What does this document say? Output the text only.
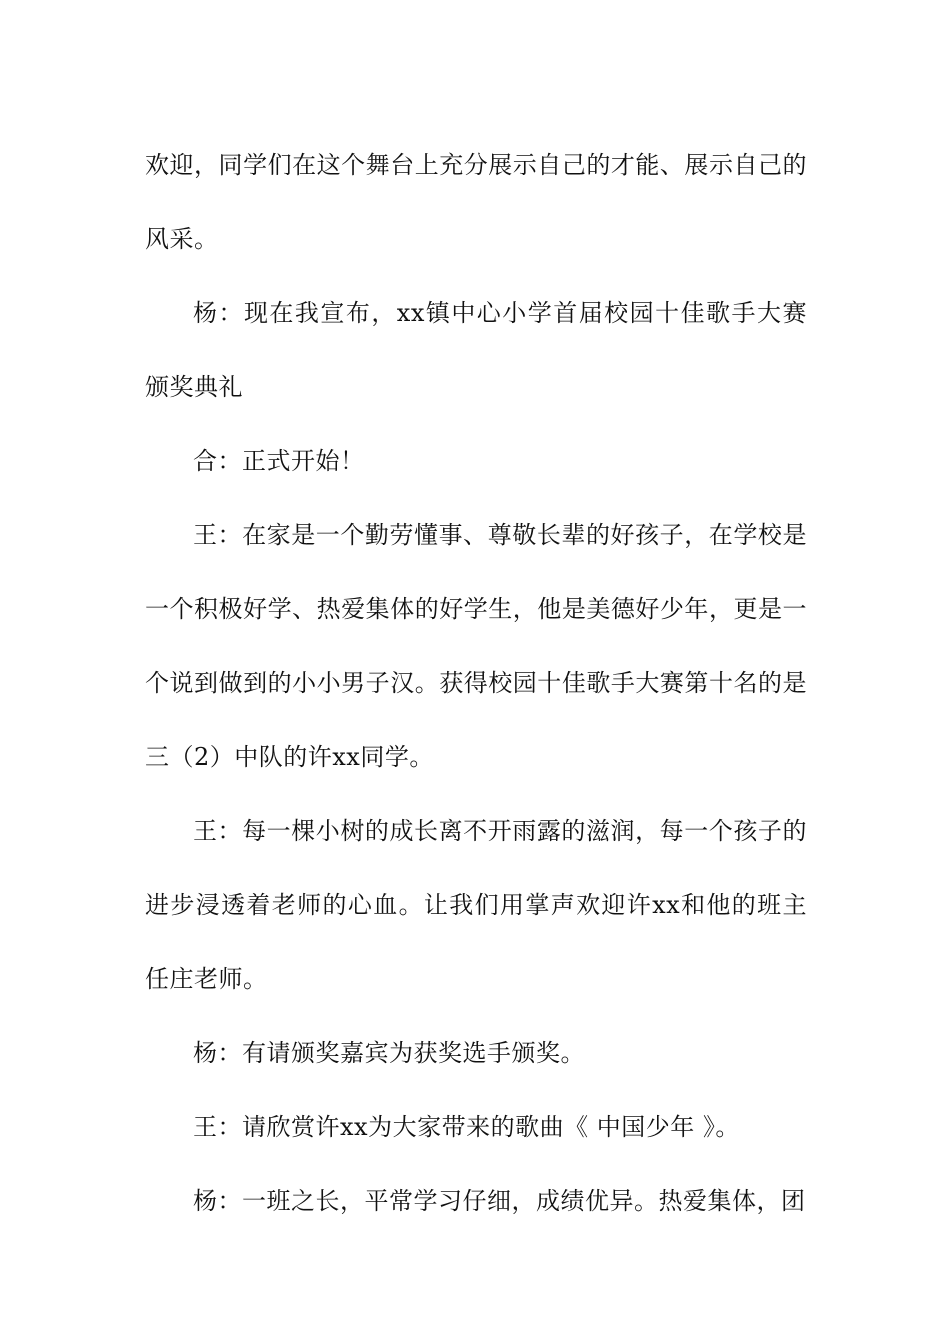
欢迎，同学们在这个舞台上充分展示自己的才能、展示自己的风采。

杨：现在我宣布，xx镇中心小学首届校园十佳歌手大赛颁奖典礼

合：正式开始！

王：在家是一个勤劳懂事、尊敬长辈的好孩子，在学校是一个积极好学、热爱集体的好学生，他是美德好少年，更是一个说到做到的小小男子汉。获得校园十佳歌手大赛第十名的是三（2）中队的许xx同学。

王：每一棵小树的成长离不开雨露的滋润，每一个孩子的进步浸透着老师的心血。让我们用掌声欢迎许xx和他的班主任庄老师。

杨：有请颁奖嘉宾为获奖选手颁奖。

王：请欣赏许xx为大家带来的歌曲《 中国少年 》。

杨：一班之长，平常学习仔细，成绩优异。热爱集体，团
